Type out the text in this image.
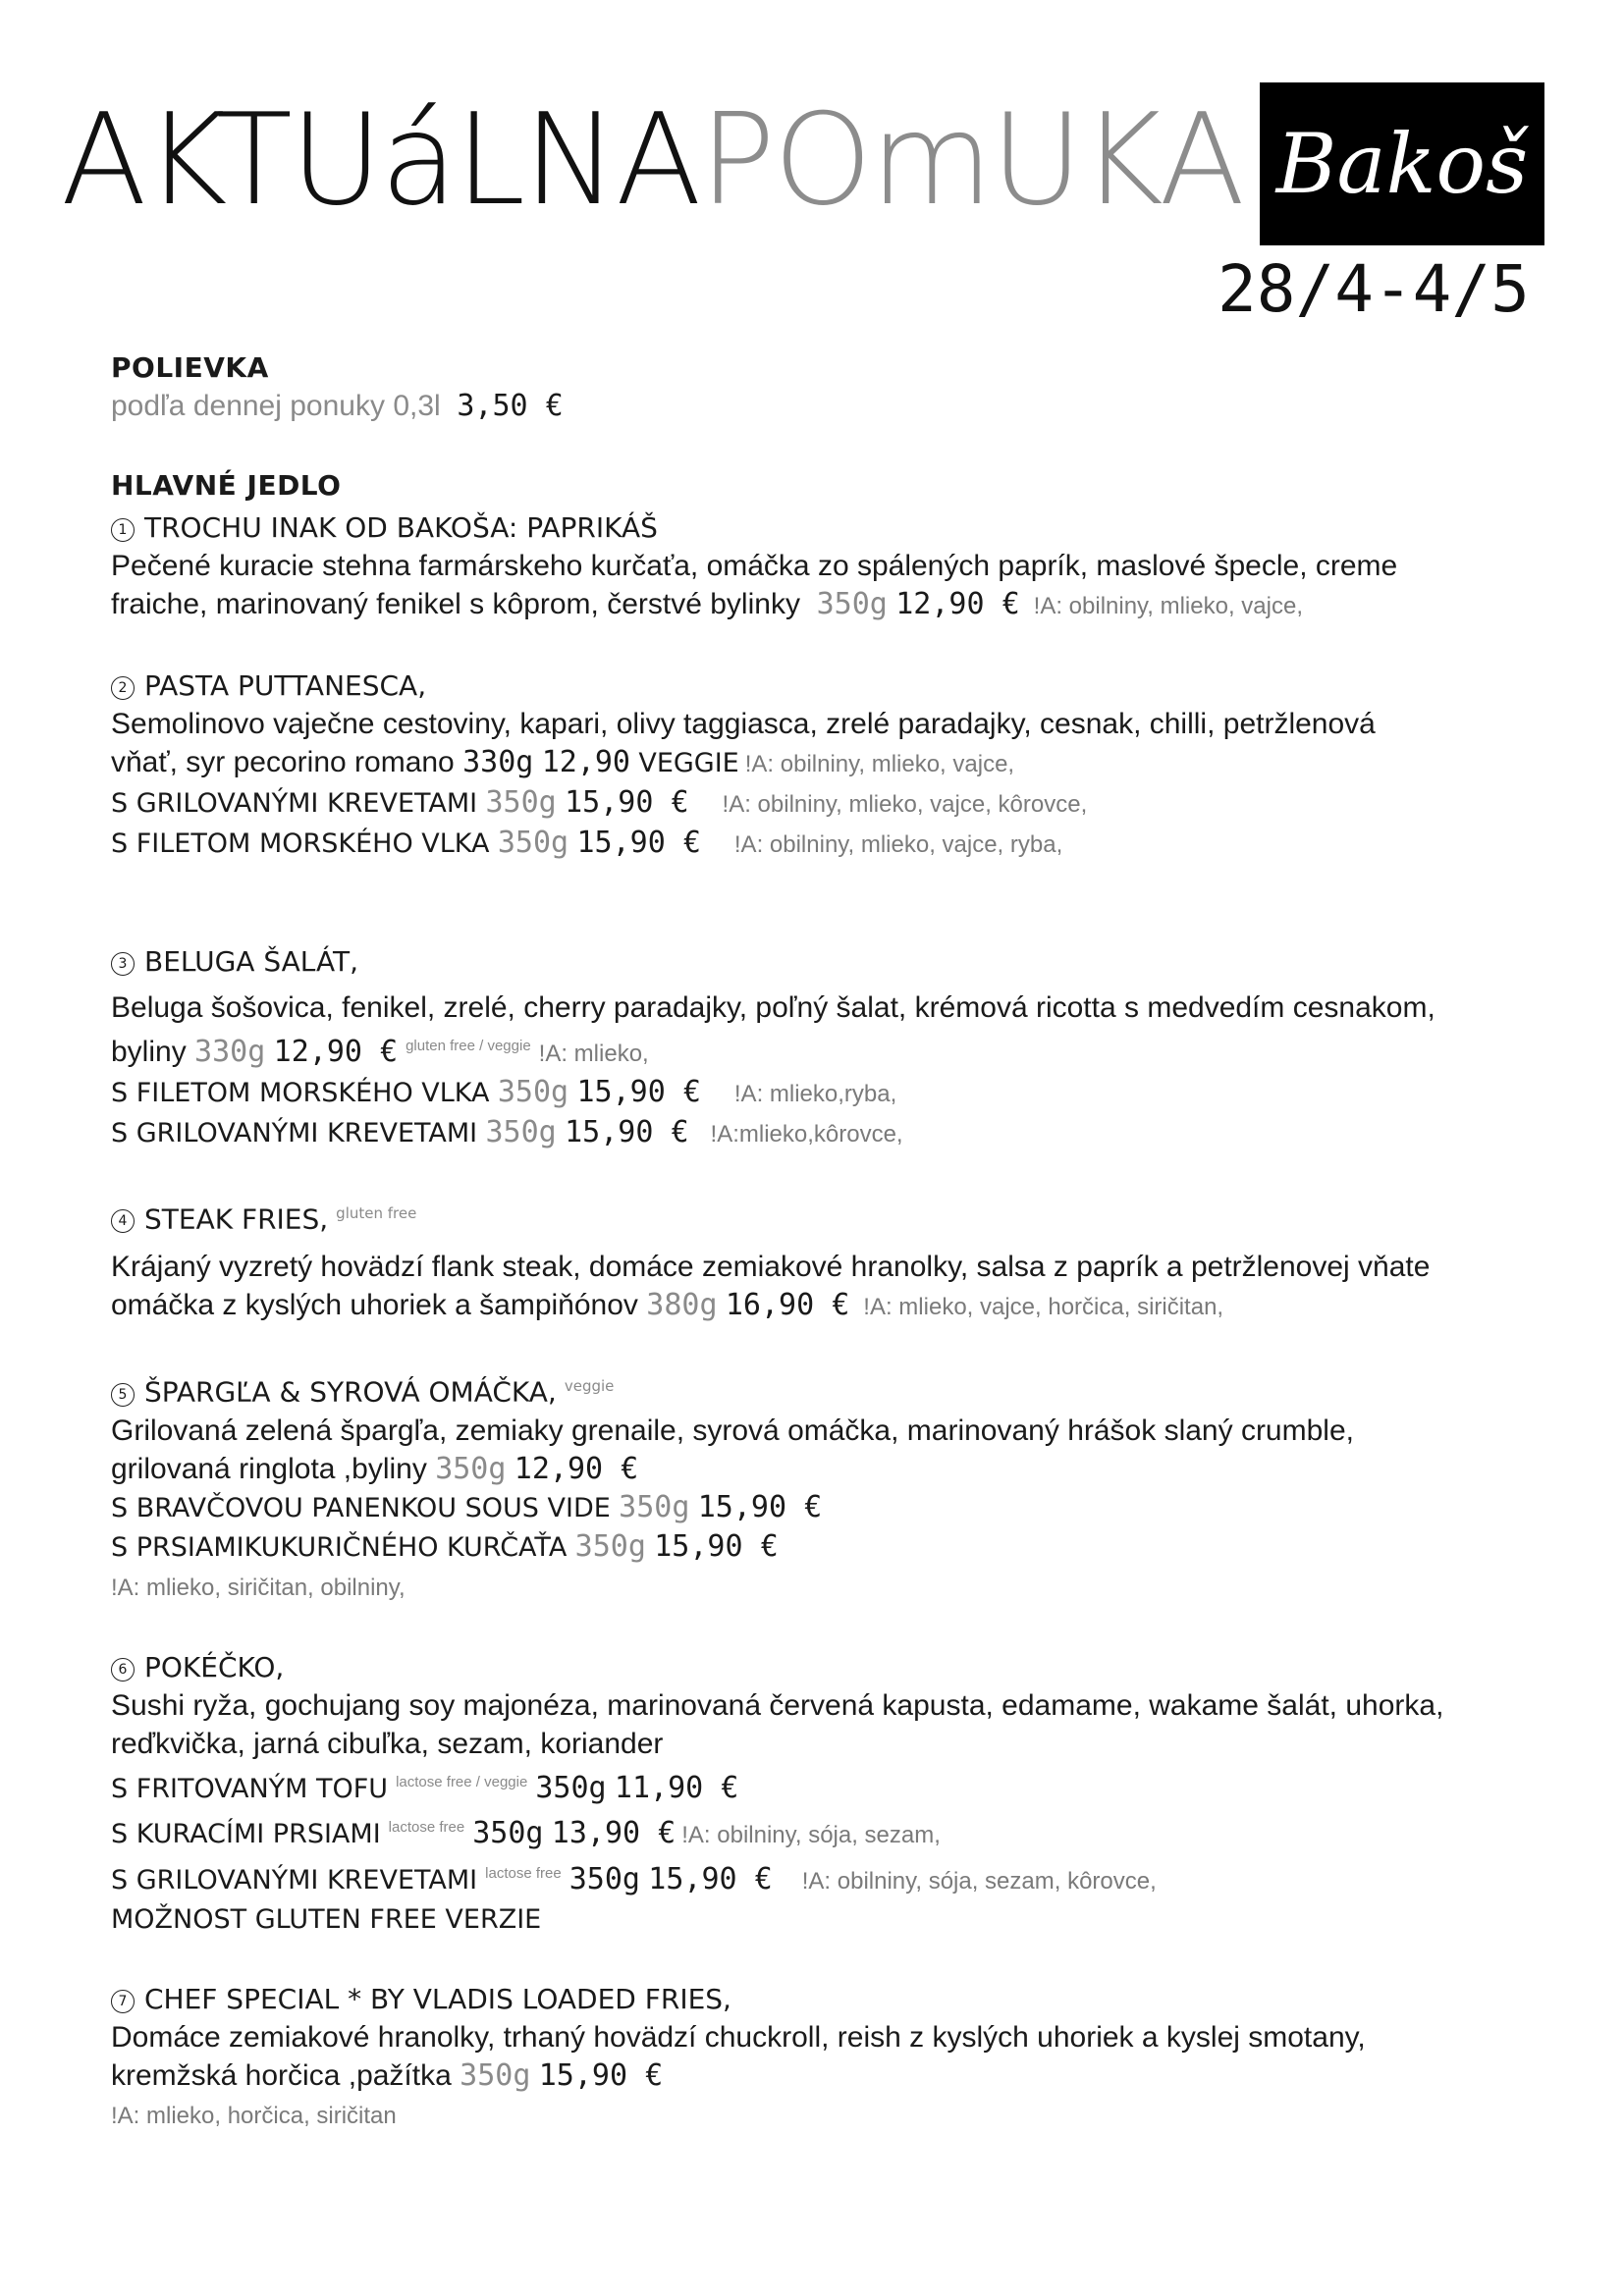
AKTUáLNAPOmUKA Bakoš
28/4-4/5

POLIEVKA

podľa dennej ponuky 0,3l 3,50 €

HLAVNÉ JEDLO

1 TROCHU INAK OD BAKOŠA: PAPRIKÁŠ

Pečené kuracie stehna farmárskeho kurčaťa, omáčka zo spálených paprík, maslové špecle, creme

fraiche, marinovaný fenikel s kôprom, čerstvé bylinky 350g 12,90 € !A: obilniny, mlieko, vajce,

2 PASTA PUTTANESCA,

Semolinovo vaječne cestoviny, kapari, olivy taggiasca, zrelé paradajky, cesnak, chilli, petržlenová

vňať, syr pecorino romano 330g 12,90 VEGGIE !A: obilniny, mlieko, vajce,

S GRILOVANÝMI KREVETAMI 350g 15,90 € !A: obilniny, mlieko, vajce, kôrovce,

S FILETOM MORSKÉHO VLKA 350g 15,90 € !A: obilniny, mlieko, vajce, ryba,

3 BELUGA ŠALÁT,

Beluga šošovica, fenikel, zrelé, cherry paradajky, poľný šalat, krémová ricotta s medvedím cesnakom,

byliny 330g 12,90 € $^{gluten free / veggie}$ !A: mlieko,

S FILETOM MORSKÉHO VLKA 350g 15,90 € !A: mlieko,ryba,

S GRILOVANÝMI KREVETAMI 350g 15,90 € !A:mlieko,kôrovce,

4 STEAK FRIES, $^{gluten free}$

Krájaný vyzretý hovädzí flank steak, domáce zemiakové hranolky, salsa z paprík a petržlenovej vňate

omáčka z kyslých uhoriek a šampiňónov 380g 16,90 € !A: mlieko, vajce, horčica, siričitan,

5 ŠPARGĽA & SYROVÁ OMÁČKA, $^{veggie}$

Grilovaná zelená špargľa, zemiaky grenaile, syrová omáčka, marinovaný hrášok slaný crumble,

grilovaná ringlota ,byliny 350g 12,90 €

S BRAVČOVOU PANENKOU SOUS VIDE 350g 15,90 €

S PRSIAMIKUKURIČNÉHO KURČAŤA 350g 15,90 €

!A: mlieko, siričitan, obilniny,

6 POKÉČKO,

Sushi ryža, gochujang soy majonéza, marinovaná červená kapusta, edamame, wakame šalát, uhorka,

reďkvička, jarná cibuľka, sezam, koriander

S FRITOVANÝM TOFU $^{lactose free / veggie}$ 350g 11,90 €

S KURACÍMI PRSIAMI $^{lactose free}$ 350g 13,90 € !A: obilniny, sója, sezam,

S GRILOVANÝMI KREVETAMI $^{lactose free}$ 350g 15,90 € !A: obilniny, sója, sezam, kôrovce,

MOŽNOST GLUTEN FREE VERZIE

7 CHEF SPECIAL * BY VLADIS LOADED FRIES,

Domáce zemiakové hranolky, trhaný hovädzí chuckroll, reish z kyslých uhoriek a kyslej smotany,

kremžská horčica ,pažítka 350g 15,90 €

!A: mlieko, horčica, siričitan
